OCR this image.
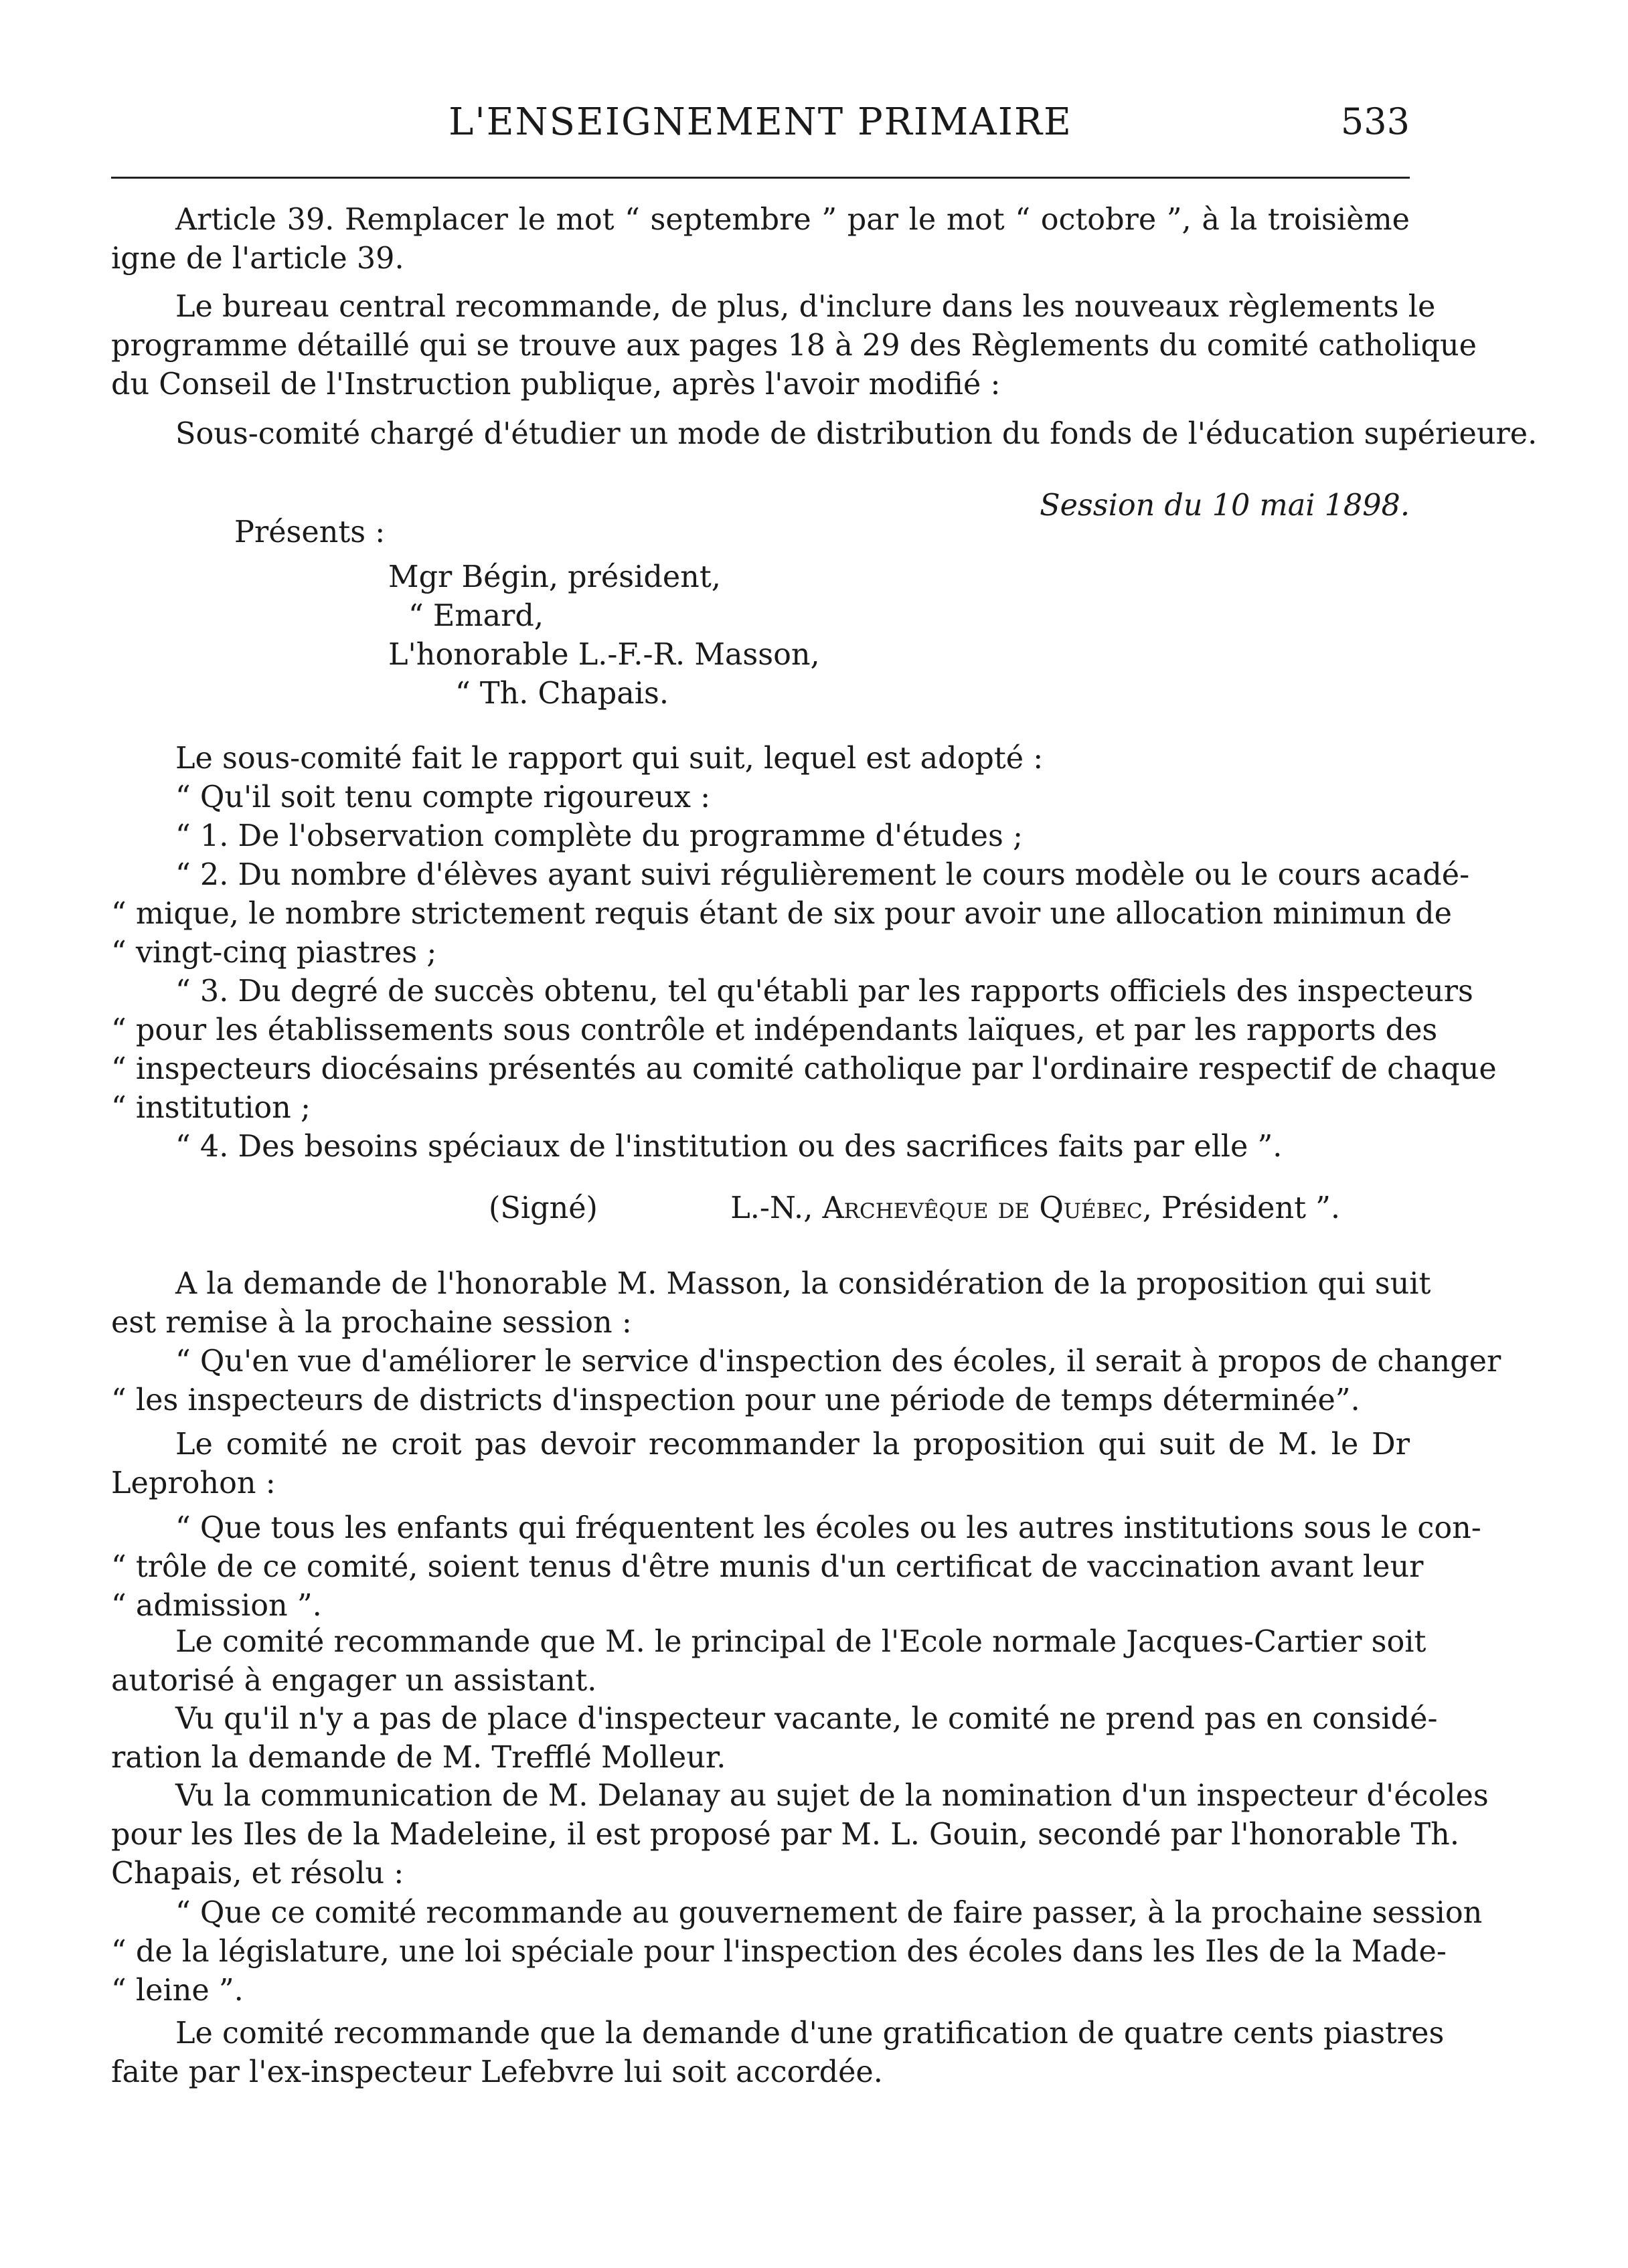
L'ENSEIGNEMENT PRIMAIRE	533
Article 39. Remplacer le mot “ septembre ” par le mot “ octobre ”, à la troisième
igne de l'article 39.
Le bureau central recommande, de plus, d'inclure dans les nouveaux règlements le
programme détaillé qui se trouve aux pages 18 à 29 des Règlements du comité catholique
du Conseil de l'Instruction publique, après l'avoir modifié :
Sous-comité chargé d'étudier un mode de distribution du fonds de l'éducation supérieure.
Session du 10 mai 1898.
Présents :
Mgr Bégin, président,
“ Emard,
L'honorable L.-F.-R. Masson,
“ Th. Chapais.
Le sous-comité fait le rapport qui suit, lequel est adopté :
“ Qu'il soit tenu compte rigoureux :
“ 1. De l'observation complète du programme d'études ;
“ 2. Du nombre d'élèves ayant suivi régulièrement le cours modèle ou le cours acadé-
“ mique, le nombre strictement requis étant de six pour avoir une allocation minimun de
“ vingt-cinq piastres ;
“ 3. Du degré de succès obtenu, tel qu'établi par les rapports officiels des inspecteurs
“ pour les établissements sous contrôle et indépendants laïques, et par les rapports des
“ inspecteurs diocésains présentés au comité catholique par l'ordinaire respectif de chaque
“ institution ;
“ 4. Des besoins spéciaux de l'institution ou des sacrifices faits par elle ”.
(Signé)	L.-N., Archevêque de Québec, Président ”.
A la demande de l'honorable M. Masson, la considération de la proposition qui suit
est remise à la prochaine session :
“ Qu'en vue d'améliorer le service d'inspection des écoles, il serait à propos de changer
“ les inspecteurs de districts d'inspection pour une période de temps déterminée”.
Le comité ne croit pas devoir recommander la proposition qui suit de M. le Dr
Leprohon :
“ Que tous les enfants qui fréquentent les écoles ou les autres institutions sous le con-
“ trôle de ce comité, soient tenus d'être munis d'un certificat de vaccination avant leur
“ admission ”.
Le comité recommande que M. le principal de l'Ecole normale Jacques-Cartier soit
autorisé à engager un assistant.
Vu qu'il n'y a pas de place d'inspecteur vacante, le comité ne prend pas en considé-
ration la demande de M. Trefflé Molleur.
Vu la communication de M. Delanay au sujet de la nomination d'un inspecteur d'écoles
pour les Iles de la Madeleine, il est proposé par M. L. Gouin, secondé par l'honorable Th.
Chapais, et résolu :
“ Que ce comité recommande au gouvernement de faire passer, à la prochaine session
“ de la législature, une loi spéciale pour l'inspection des écoles dans les Iles de la Made-
“ leine ”.
Le comité recommande que la demande d'une gratification de quatre cents piastres
faite par l'ex-inspecteur Lefebvre lui soit accordée.
